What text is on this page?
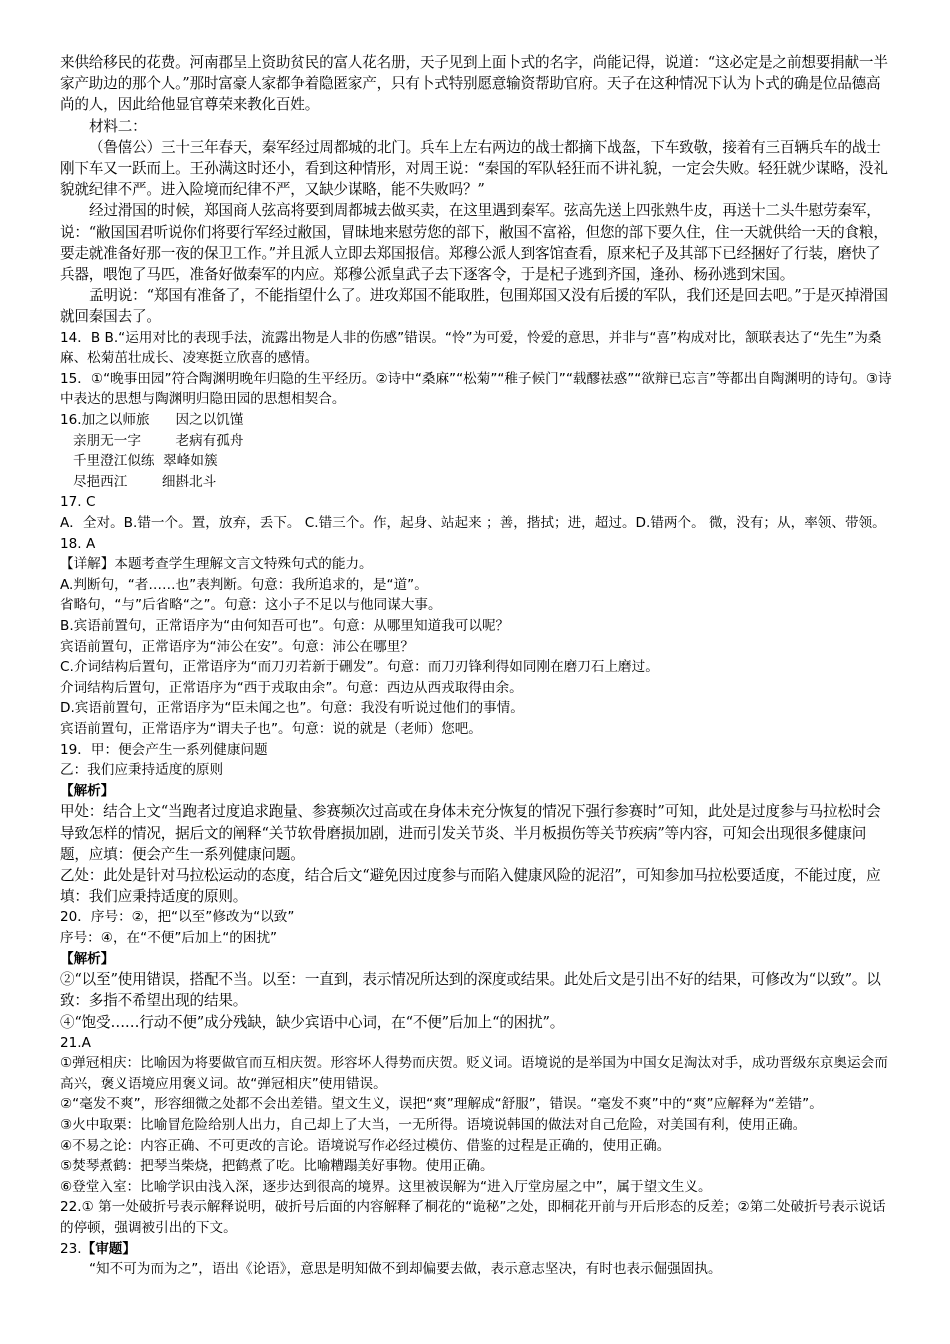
来供给移民的花费。河南郡呈上资助贫民的富人花名册，天子见到上面卜式的名字，尚能记得，说道：“这必定是之前想要捐献一半家产助边的那个人。”那时富豪人家都争着隐匿家产，只有卜式特别愿意输资帮助官府。天子在这种情况下认为卜式的确是位品德高尚的人，因此给他显官尊荣来教化百姓。

材料二：

（鲁僖公）三十三年春天，秦军经过周都城的北门。兵车上左右两边的战士都摘下战盔，下车致敬，接着有三百辆兵车的战士刚下车又一跃而上。王孙满这时还小，看到这种情形，对周王说：“秦国的军队轻狂而不讲礼貌，一定会失败。轻狂就少谋略，没礼貌就纪律不严。进入险境而纪律不严，又缺少谋略，能不失败吗？”

经过滑国的时候，郑国商人弦高将要到周都城去做买卖，在这里遇到秦军。弦高先送上四张熟牛皮，再送十二头牛慰劳秦军，说：“敝国国君听说你们将要行军经过敝国，冒昧地来慰劳您的部下，敝国不富裕，但您的部下要久住，住一天就供给一天的食粮，要走就准备好那一夜的保卫工作。”并且派人立即去郑国报信。郑穆公派人到客馆查看，原来杞子及其部下已经捆好了行装，磨快了兵器，喂饱了马匹，准备好做秦军的内应。郑穆公派皇武子去下逐客令，于是杞子逃到齐国，逢孙、杨孙逃到宋国。

孟明说：“郑国有准备了，不能指望什么了。进攻郑国不能取胜，包围郑国又没有后援的军队，我们还是回去吧。”于是灭掉滑国就回秦国去了。

14．B B.“运用对比的表现手法，流露出物是人非的伤感”错误。“怜”为可爱，怜爱的意思，并非与“喜”构成对比，颔联表达了“先生”为桑麻、松菊茁壮成长、凌寒挺立欣喜的感情。

15．①“晚事田园”符合陶渊明晚年归隐的生平经历。②诗中“桑麻”“松菊”“稚子候门”“载醪祛惑”“欲辩已忘言”等都出自陶渊明的诗句。③诗中表达的思想与陶渊明归隐田园的思想相契合。

16.加之以师旅      因之以饥馑

亲朋无一字        老病有孤舟

千里澄江似练  翠峰如簇

尽挹西江        细斟北斗

17. C

A．全对。B.错一个。置，放弃，丢下。 C.错三个。作，起身、站起来 ；善，揩拭；进，超过。D.错两个。 微，没有；从，率领、带领。

18. A

【详解】本题考查学生理解文言文特殊句式的能力。

A.判断句，“者……也”表判断。句意：我所追求的，是“道”。

省略句，“与”后省略“之”。句意：这小子不足以与他同谋大事。

B.宾语前置句，正常语序为“由何知吾可也”。句意：从哪里知道我可以呢？

宾语前置句，正常语序为“沛公在安”。句意：沛公在哪里？

C.介词结构后置句，正常语序为“而刀刃若新于硎发”。句意：而刀刃锋利得如同刚在磨刀石上磨过。

介词结构后置句，正常语序为“西于戎取由余”。句意：西边从西戎取得由余。

D.宾语前置句，正常语序为“臣未闻之也”。句意：我没有听说过他们的事情。

宾语前置句，正常语序为“谓夫子也”。句意：说的就是（老师）您吧。

19．甲：便会产生一系列健康问题

乙：我们应秉持适度的原则

【解析】

甲处：结合上文“当跑者过度追求跑量、参赛频次过高或在身体未充分恢复的情况下强行参赛时”可知，此处是过度参与马拉松时会导致怎样的情况，据后文的阐释“关节软骨磨损加剧，进而引发关节炎、半月板损伤等关节疾病”等内容，可知会出现很多健康问题，应填：便会产生一系列健康问题。

乙处：此处是针对马拉松运动的态度，结合后文“避免因过度参与而陷入健康风险的泥沼”，可知参加马拉松要适度，不能过度，应填：我们应秉持适度的原则。

20．序号：②，把“以至”修改为“以致”

序号：④，在“不便”后加上“的困扰”

【解析】

②“以至”使用错误，搭配不当。以至：一直到，表示情况所达到的深度或结果。此处后文是引出不好的结果，可修改为“以致”。以致：多指不希望出现的结果。

④“饱受……行动不便”成分残缺，缺少宾语中心词，在“不便”后加上“的困扰”。

21.A

①弹冠相庆：比喻因为将要做官而互相庆贺。形容坏人得势而庆贺。贬义词。语境说的是举国为中国女足淘汰对手，成功晋级东京奥运会而高兴，褒义语境应用褒义词。故“弹冠相庆”使用错误。

②“毫发不爽”，形容细微之处都不会出差错。望文生义，误把“爽”理解成“舒服”，错误。“毫发不爽”中的“爽”应解释为“差错”。

③火中取栗：比喻冒危险给别人出力，自己却上了大当，一无所得。语境说韩国的做法对自己危险，对美国有利，使用正确。

④不易之论：内容正确、不可更改的言论。语境说写作必经过模仿、借鉴的过程是正确的，使用正确。

⑤焚琴煮鹤：把琴当柴烧，把鹤煮了吃。比喻糟蹋美好事物。使用正确。

⑥登堂入室：比喻学识由浅入深，逐步达到很高的境界。这里被误解为“进入厅堂房屋之中”，属于望文生义。

22.① 第一处破折号表示解释说明，破折号后面的内容解释了桐花的“诡秘”之处，即桐花开前与开后形态的反差；②第二处破折号表示说话的停顿，强调被引出的下文。

23.【审题】

“知不可为而为之”，语出《论语》，意思是明知做不到却偏要去做，表示意志坚决，有时也表示倔强固执。
